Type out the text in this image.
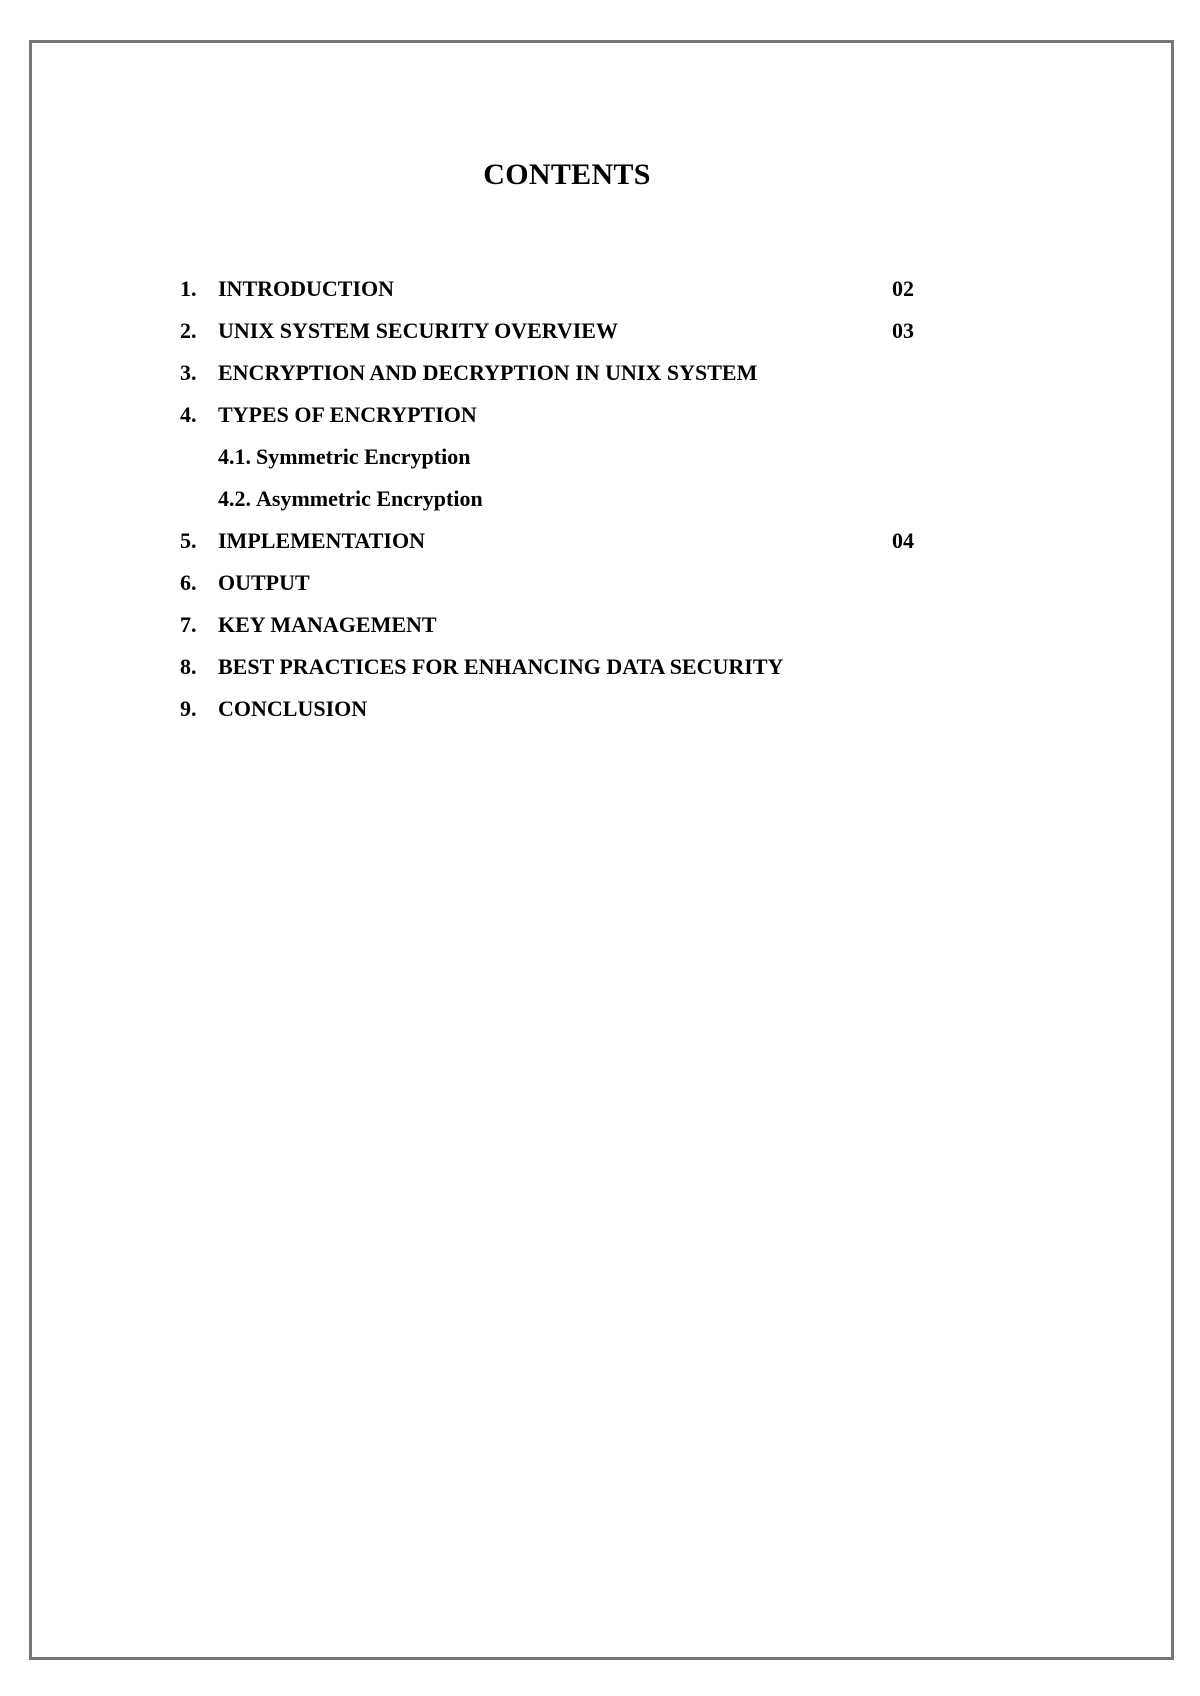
CONTENTS
1. INTRODUCTION	02
2. UNIX SYSTEM SECURITY OVERVIEW	03
3. ENCRYPTION AND DECRYPTION IN UNIX SYSTEM
4. TYPES OF ENCRYPTION
4.1. Symmetric Encryption
4.2. Asymmetric Encryption
5. IMPLEMENTATION	04
6. OUTPUT
7. KEY MANAGEMENT
8. BEST PRACTICES FOR ENHANCING DATA SECURITY
9. CONCLUSION
